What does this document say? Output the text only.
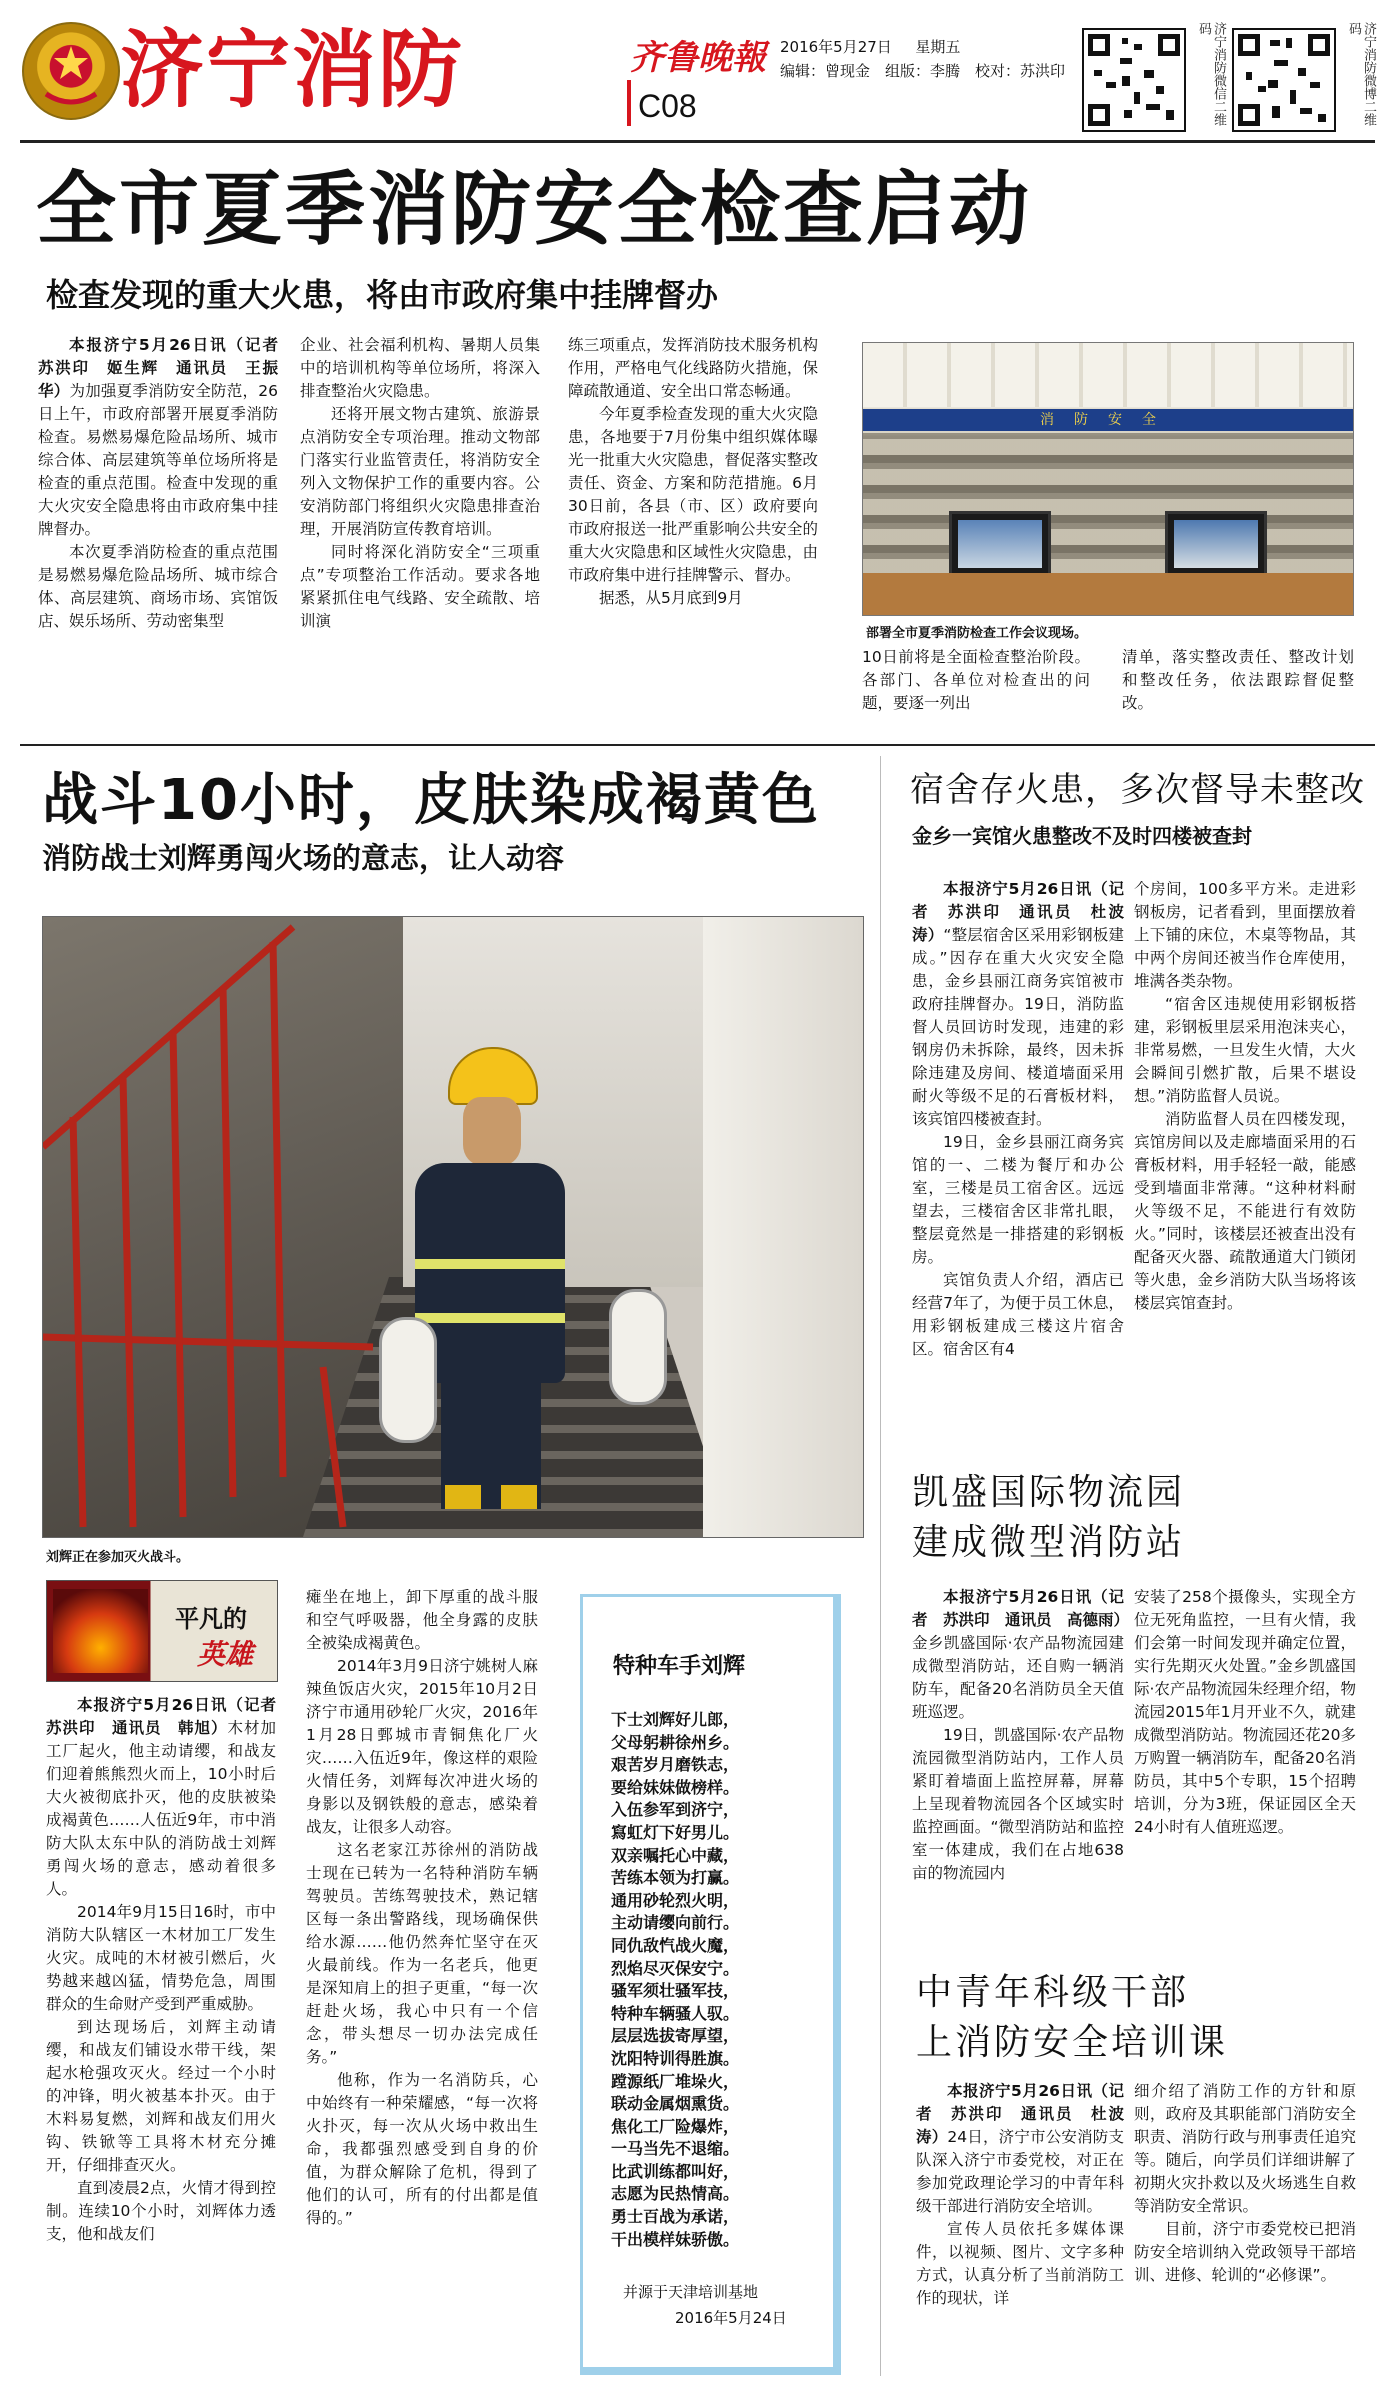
济宁消防	齐鲁晚報
C08
2016年5月27日 星期五
编辑：曾现金　组版：李腾　校对：苏洪印	济宁消防微信二维码	济宁消防微博二维码
全市夏季消防安全检查启动
检查发现的重大火患，将由市政府集中挂牌督办

本报济宁5月26日讯（记者　苏洪印　姬生辉　通讯员　王振华）为加强夏季消防安全防范，26日上午，市政府部署开展夏季消防检查。易燃易爆危险品场所、城市综合体、高层建筑等单位场所将是检查的重点范围。检查中发现的重大火灾安全隐患将由市政府集中挂牌督办。

本次夏季消防检查的重点范围是易燃易爆危险品场所、城市综合体、高层建筑、商场市场、宾馆饭店、娱乐场所、劳动密集型

企业、社会福利机构、暑期人员集中的培训机构等单位场所，将深入排查整治火灾隐患。

还将开展文物古建筑、旅游景点消防安全专项治理。推动文物部门落实行业监管责任，将消防安全列入文物保护工作的重要内容。公安消防部门将组织火灾隐患排查治理，开展消防宣传教育培训。

同时将深化消防安全“三项重点”专项整治工作活动。要求各地紧紧抓住电气线路、安全疏散、培训演

练三项重点，发挥消防技术服务机构作用，严格电气化线路防火措施，保障疏散通道、安全出口常态畅通。

今年夏季检查发现的重大火灾隐患，各地要于7月份集中组织媒体曝光一批重大火灾隐患，督促落实整改责任、资金、方案和防范措施。6月30日前，各县（市、区）政府要向市政府报送一批严重影响公共安全的重大火灾隐患和区域性火灾隐患，由市政府集中进行挂牌警示、督办。

据悉，从5月底到9月

消防安全
部署全市夏季消防检查工作会议现场。

10日前将是全面检查整治阶段。各部门、各单位对检查出的问题，要逐一列出

清单，落实整改责任、整改计划和整改任务，依法跟踪督促整改。

战斗10小时，皮肤染成褐黄色
消防战士刘辉勇闯火场的意志，让人动容
刘辉正在参加灭火战斗。
平凡的
英雄

本报济宁5月26日讯（记者　苏洪印　通讯员　韩旭）木材加工厂起火，他主动请缨，和战友们迎着熊熊烈火而上，10小时后大火被彻底扑灭，他的皮肤被染成褐黄色……人伍近9年，市中消防大队太东中队的消防战士刘辉勇闯火场的意志，感动着很多人。

2014年9月15日16时，市中消防大队辖区一木材加工厂发生火灾。成吨的木材被引燃后，火势越来越凶猛，情势危急，周围群众的生命财产受到严重威胁。

到达现场后，刘辉主动请缨，和战友们铺设水带干线，架起水枪强攻灭火。经过一个小时的冲锋，明火被基本扑灭。由于木料易复燃，刘辉和战友们用火钩、铁锨等工具将木材充分摊开，仔细排查灭火。

直到凌晨2点，火情才得到控制。连续10个小时，刘辉体力透支，他和战友们

瘫坐在地上，卸下厚重的战斗服和空气呼吸器，他全身露的皮肤全被染成褐黄色。

2014年3月9日济宁姚树人麻辣鱼饭店火灾，2015年10月2日济宁市通用砂轮厂火灾，2016年1月28日鄄城市青铜焦化厂火灾……入伍近9年，像这样的艰险火情任务，刘辉每次冲进火场的身影以及钢铁般的意志，感染着战友，让很多人动容。

这名老家江苏徐州的消防战士现在已转为一名特种消防车辆驾驶员。苦练驾驶技术，熟记辖区每一条出警路线，现场确保供给水源……他仍然奔忙坚守在灭火最前线。作为一名老兵，他更是深知肩上的担子更重，“每一次赶赴火场，我心中只有一个信念，带头想尽一切办法完成任务。”

他称，作为一名消防兵，心中始终有一种荣耀感，“每一次将火扑灭，每一次从火场中救出生命，我都强烈感受到自身的价值，为群众解除了危机，得到了他们的认可，所有的付出都是值得的。”

特种车手刘辉

下士刘辉好儿郎，

父母躬耕徐州乡。

艰苦岁月磨铁志，

要给妹妹做榜样。

入伍参军到济宁，

寫虹灯下好男儿。

双亲嘱托心中藏，

苦练本领为打赢。

通用砂轮烈火明，

主动请缨向前行。

同仇敌忾战火魔，

烈焰尽灭保安宁。

骚军须壮骚军技，

特种车辆骚人驭。

层层选拔寄厚望，

沈阳特训得胜旗。

蹚源纸厂堆垛火，

联动金属烟熏货。

焦化工厂险爆炸，

一马当先不退缩。

比武训练都叫好，

志愿为民热情高。

勇士百战为承诺，

干出模样妹骄傲。

并源于天津培训基地
2016年5月24日
宿舍存火患，多次督导未整改
金乡一宾馆火患整改不及时四楼被查封

本报济宁5月26日讯（记者　苏洪印　通讯员　杜波涛）“整层宿舍区采用彩钢板建成。”因存在重大火灾安全隐患，金乡县丽江商务宾馆被市政府挂牌督办。19日，消防监督人员回访时发现，违建的彩钢房仍未拆除，最终，因未拆除违建及房间、楼道墙面采用耐火等级不足的石膏板材料，该宾馆四楼被查封。

19日，金乡县丽江商务宾馆的一、二楼为餐厅和办公室，三楼是员工宿舍区。远远望去，三楼宿舍区非常扎眼，整层竟然是一排搭建的彩钢板房。

宾馆负责人介绍，酒店已经营7年了，为便于员工休息，用彩钢板建成三楼这片宿舍区。宿舍区有4

个房间，100多平方米。走进彩钢板房，记者看到，里面摆放着上下铺的床位，木桌等物品，其中两个房间还被当作仓库使用，堆满各类杂物。

“宿舍区违规使用彩钢板搭建，彩钢板里层采用泡沫夹心，非常易燃，一旦发生火情，大火会瞬间引燃扩散，后果不堪设想。”消防监督人员说。

消防监督人员在四楼发现，宾馆房间以及走廊墙面采用的石膏板材料，用手轻轻一敲，能感受到墙面非常薄。“这种材料耐火等级不足，不能进行有效防火。”同时，该楼层还被查出没有配备灭火器、疏散通道大门锁闭等火患，金乡消防大队当场将该楼层宾馆查封。

凯盛国际物流园
建成微型消防站

本报济宁5月26日讯（记者　苏洪印　通讯员　高德雨）金乡凯盛国际·农产品物流园建成微型消防站，还自购一辆消防车，配备20名消防员全天值班巡逻。

19日，凯盛国际·农产品物流园微型消防站内，工作人员紧盯着墙面上监控屏幕，屏幕上呈现着物流园各个区域实时监控画面。“微型消防站和监控室一体建成，我们在占地638亩的物流园内

安装了258个摄像头，实现全方位无死角监控，一旦有火情，我们会第一时间发现并确定位置，实行先期灭火处置。”金乡凯盛国际·农产品物流园朱经理介绍，物流园2015年1月开业不久，就建成微型消防站。物流园还花20多万购置一辆消防车，配备20名消防员，其中5个专职，15个招聘培训，分为3班，保证园区全天24小时有人值班巡逻。

中青年科级干部
上消防安全培训课

本报济宁5月26日讯（记者　苏洪印　通讯员　杜波涛）24日，济宁市公安消防支队深入济宁市委党校，对正在参加党政理论学习的中青年科级干部进行消防安全培训。

宣传人员依托多媒体课件，以视频、图片、文字多种方式，认真分析了当前消防工作的现状，详

细介绍了消防工作的方针和原则，政府及其职能部门消防安全职责、消防行政与刑事责任追究等。随后，向学员们详细讲解了初期火灾扑救以及火场逃生自救等消防安全常识。

目前，济宁市委党校已把消防安全培训纳入党政领导干部培训、进修、轮训的“必修课”。
